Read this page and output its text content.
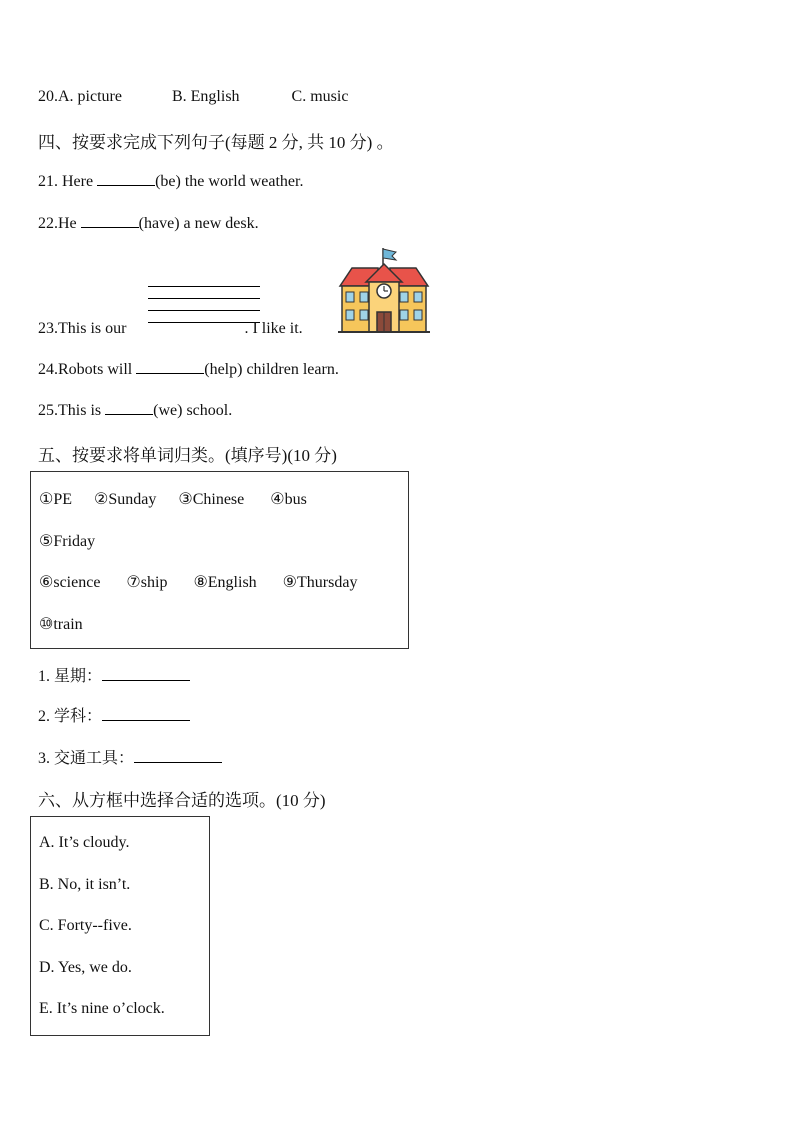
20.A. picture	B. English	C. music
四、按要求完成下列句子(每题 2 分, 共 10 分) 。
21. Here	(be) the world weather.
22.He	(have) a new desk.
23.This is our	. I like it.
24.Robots will	(help) children learn.
25.This is	(we) school.
五、按要求将单词归类。(填序号)(10 分)
①PE ②Sunday ③Chinese ④bus
⑤Friday
⑥science ⑦ship ⑧English ⑨Thursday
⑩train
1. 星期：
2. 学科：
3. 交通工具：
六、从方框中选择合适的选项。(10 分)
A. It’s cloudy.
B. No, it isn’t.
C. Forty--five.
D. Yes, we do.
E. It’s nine o’clock.
